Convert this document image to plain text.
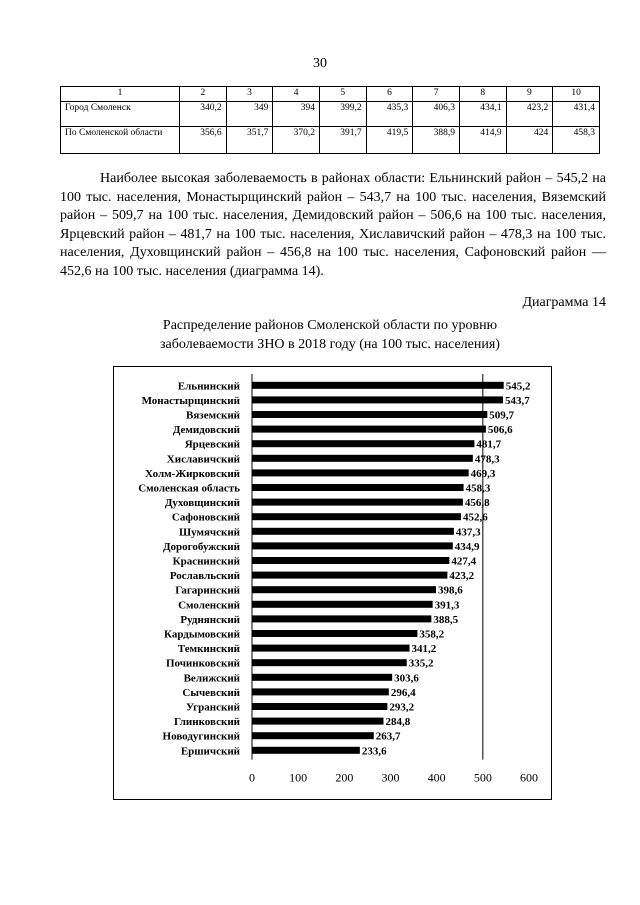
30
1	2	3	4	5	6	7	8	9	10
Город Смоленск	340,2	349	394	399,2	435,3	406,3	434,1	423,2	431,4
По Смоленской области	356,6	351,7	370,2	391,7	419,5	388,9	414,9	424	458,3

Наиболее высокая заболеваемость в районах области: Ельнинский район – 545,2 на 100 тыс. населения, Монастырщинский район – 543,7 на 100 тыс. населения, Вяземский район – 509,7 на 100 тыс. населения, Демидовский район – 506,6 на 100 тыс. населения, Ярцевский район – 481,7 на 100 тыс. населения, Хиславичский район – 478,3 на 100 тыс. населения, Духовщинский район – 456,8 на 100 тыс. населения, Сафоновский район — 452,6 на 100 тыс. населения (диаграмма 14).

Диаграмма 14
Распределение районов Смоленской области по уровню
заболеваемости ЗНО в 2018 году (на 100 тыс. населения)
Ельнинский	545,2
Монастырщинский	543,7
Вяземский	509,7
Демидовский	506,6
Ярцевский	481,7
Хиславичский	478,3
Холм-Жирковский	469,3
Смоленская область	458,3
Духовщинский	456,8
Сафоновский	452,6
Шумячский	437,3
Дорогобужский	434,9
Краснинский	427,4
Рославльский	423,2
Гагаринский	398,6
Смоленский	391,3
Руднянский	388,5
Кардымовский	358,2
Темкинский	341,2
Починковский	335,2
Велижский	303,6
Сычевский	296,4
Угранский	293,2
Глинковский	284,8
Новодугинский	263,7
Ершичский	233,6
0	100 200 300 400 500 600
